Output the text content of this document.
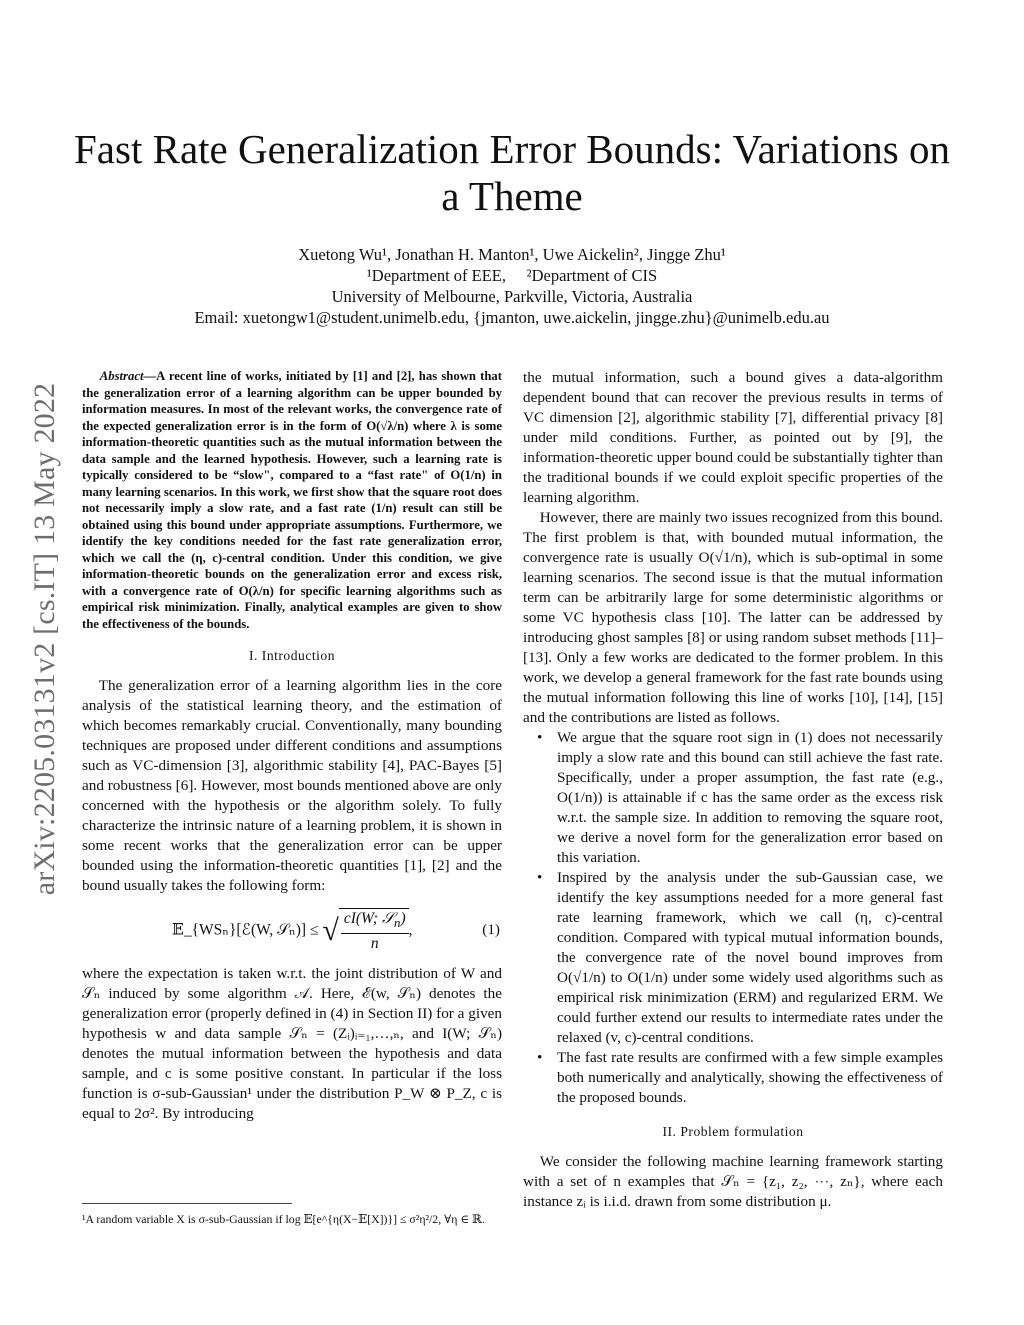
arXiv:2205.03131v2 [cs.IT] 13 May 2022
Fast Rate Generalization Error Bounds: Variations on a Theme
Xuetong Wu¹, Jonathan H. Manton¹, Uwe Aickelin², Jingge Zhu¹
¹Department of EEE,     ²Department of CIS
University of Melbourne, Parkville, Victoria, Australia
Email: xuetongw1@student.unimelb.edu, {jmanton, uwe.aickelin, jingge.zhu}@unimelb.edu.au

Abstract—A recent line of works, initiated by [1] and [2], has shown that the generalization error of a learning algorithm can be upper bounded by information measures. In most of the relevant works, the convergence rate of the expected generalization error is in the form of O(√λ/n) where λ is some information-theoretic quantities such as the mutual information between the data sample and the learned hypothesis. However, such a learning rate is typically considered to be “slow", compared to a “fast rate" of O(1/n) in many learning scenarios. In this work, we first show that the square root does not necessarily imply a slow rate, and a fast rate (1/n) result can still be obtained using this bound under appropriate assumptions. Furthermore, we identify the key conditions needed for the fast rate generalization error, which we call the (η, c)-central condition. Under this condition, we give information-theoretic bounds on the generalization error and excess risk, with a convergence rate of O(λ/n) for specific learning algorithms such as empirical risk minimization. Finally, analytical examples are given to show the effectiveness of the bounds.

I. Introduction

The generalization error of a learning algorithm lies in the core analysis of the statistical learning theory, and the estimation of which becomes remarkably crucial. Conventionally, many bounding techniques are proposed under different conditions and assumptions such as VC-dimension [3], algorithmic stability [4], PAC-Bayes [5] and robustness [6]. However, most bounds mentioned above are only concerned with the hypothesis or the algorithm solely. To fully characterize the intrinsic nature of a learning problem, it is shown in some recent works that the generalization error can be upper bounded using the information-theoretic quantities [1], [2] and the bound usually takes the following form:

𝔼_{WSₙ}[ℰ(W, 𝒮ₙ)] ≤ √ $\frac{cI(W; 𝒮_n)}{n}$ ,	(1)

where the expectation is taken w.r.t. the joint distribution of W and 𝒮ₙ induced by some algorithm 𝒜. Here, ℰ(w, 𝒮ₙ) denotes the generalization error (properly defined in (4) in Section II) for a given hypothesis w and data sample 𝒮ₙ = (Zᵢ)ᵢ₌₁,…,ₙ, and I(W; 𝒮ₙ) denotes the mutual information between the hypothesis and data sample, and c is some positive constant. In particular if the loss function is σ-sub-Gaussian¹ under the distribution P_W ⊗ P_Z, c is equal to 2σ². By introducing

the mutual information, such a bound gives a data-algorithm dependent bound that can recover the previous results in terms of VC dimension [2], algorithmic stability [7], differential privacy [8] under mild conditions. Further, as pointed out by [9], the information-theoretic upper bound could be substantially tighter than the traditional bounds if we could exploit specific properties of the learning algorithm.

However, there are mainly two issues recognized from this bound. The first problem is that, with bounded mutual information, the convergence rate is usually O(√1/n), which is sub-optimal in some learning scenarios. The second issue is that the mutual information term can be arbitrarily large for some deterministic algorithms or some VC hypothesis class [10]. The latter can be addressed by introducing ghost samples [8] or using random subset methods [11]–[13]. Only a few works are dedicated to the former problem. In this work, we develop a general framework for the fast rate bounds using the mutual information following this line of works [10], [14], [15] and the contributions are listed as follows.

• We argue that the square root sign in (1) does not necessarily imply a slow rate and this bound can still achieve the fast rate. Specifically, under a proper assumption, the fast rate (e.g., O(1/n)) is attainable if c has the same order as the excess risk w.r.t. the sample size. In addition to removing the square root, we derive a novel form for the generalization error based on this variation.
• Inspired by the analysis under the sub-Gaussian case, we identify the key assumptions needed for a more general fast rate learning framework, which we call (η, c)-central condition. Compared with typical mutual information bounds, the convergence rate of the novel bound improves from O(√1/n) to O(1/n) under some widely used algorithms such as empirical risk minimization (ERM) and regularized ERM. We could further extend our results to intermediate rates under the relaxed (v, c)-central conditions.
• The fast rate results are confirmed with a few simple examples both numerically and analytically, showing the effectiveness of the proposed bounds.
II. Problem formulation

We consider the following machine learning framework starting with a set of n examples that 𝒮ₙ = {z₁, z₂, ⋯, zₙ}, where each instance zᵢ is i.i.d. drawn from some distribution μ.

¹A random variable X is σ-sub-Gaussian if log 𝔼[e^{η(X−𝔼[X])}] ≤ σ²η²/2, ∀η ∈ ℝ.
